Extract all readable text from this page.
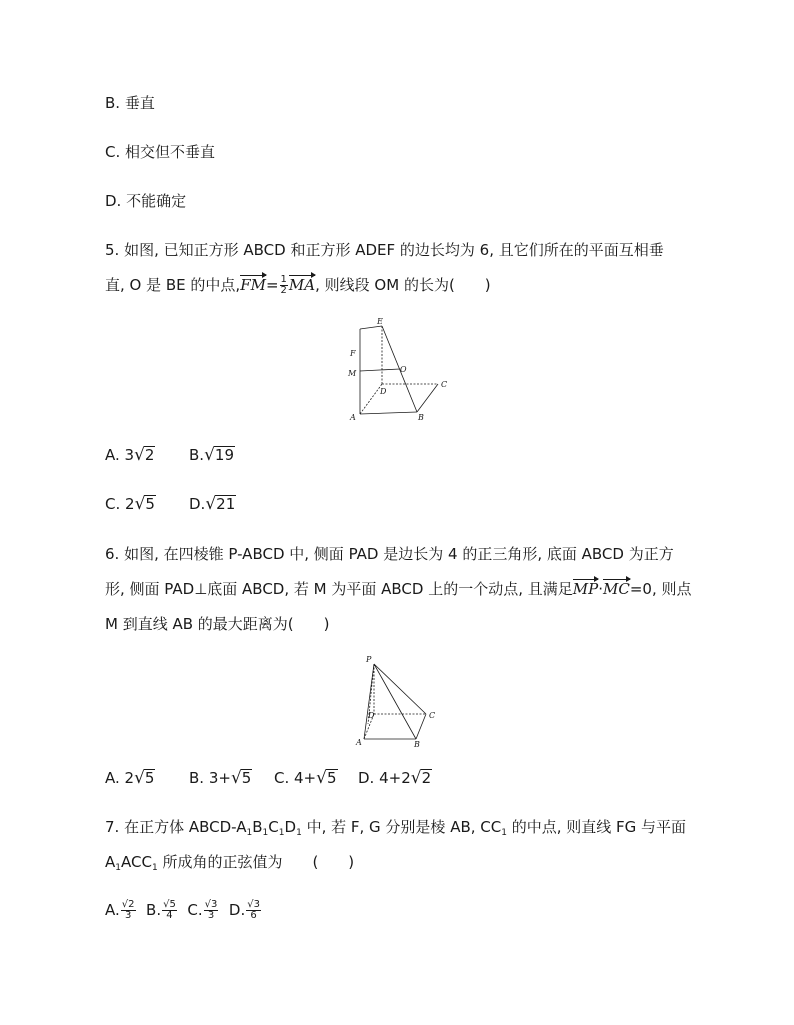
B. 垂直
C. 相交但不垂直
D. 不能确定
5. 如图, 已知正方形 ABCD 和正方形 ADEF 的边长均为 6, 且它们所在的平面互相垂
直, O 是 BE 的中点$,FM= \frac{1}{2}$ MA, 则线段 OM 的长为(　　)
E
F
M	O
C
D
A	B
A. 3√2 B.√19
C. 2√5 D.√21
6. 如图, 在四棱锥 P-ABCD 中, 侧面 PAD 是边长为 4 的正三角形, 底面 ABCD 为正方
形, 侧面 PAD⊥底面 ABCD, 若 M 为平面 ABCD 上的一个动点, 且满足MP·MC=0, 则点
M 到直线 AB 的最大距离为(　　)
P
D	C
A	B
A. 2√5 B. 3+√5 C. 4+√5 D. 4+2√2
7. 在正方体 ABCD-$A_1B_1C_1D_1$ 中, 若 F, G 分别是棱 AB, $CC_1$ 的中点, 则直线 FG 与平面
$A_1ACC_1$ 所成角的正弦值为　　(　　)
A. $\frac{√2}{3} B$. $\frac{√5}{4} C$. $\frac{√3}{3} D$. $\frac{√3}{6}$
